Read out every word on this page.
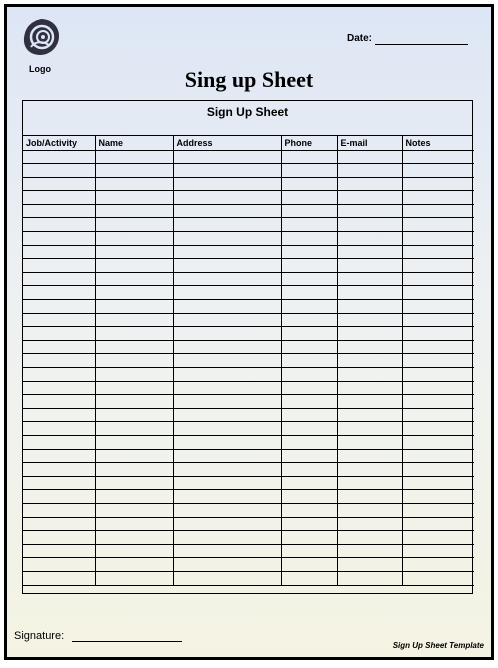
Logo
Date:
Sing up Sheet
Sign Up Sheet
Job/Activity	Name	Address	Phone	E-mail	Notes

Signature:
Sign Up Sheet Template
